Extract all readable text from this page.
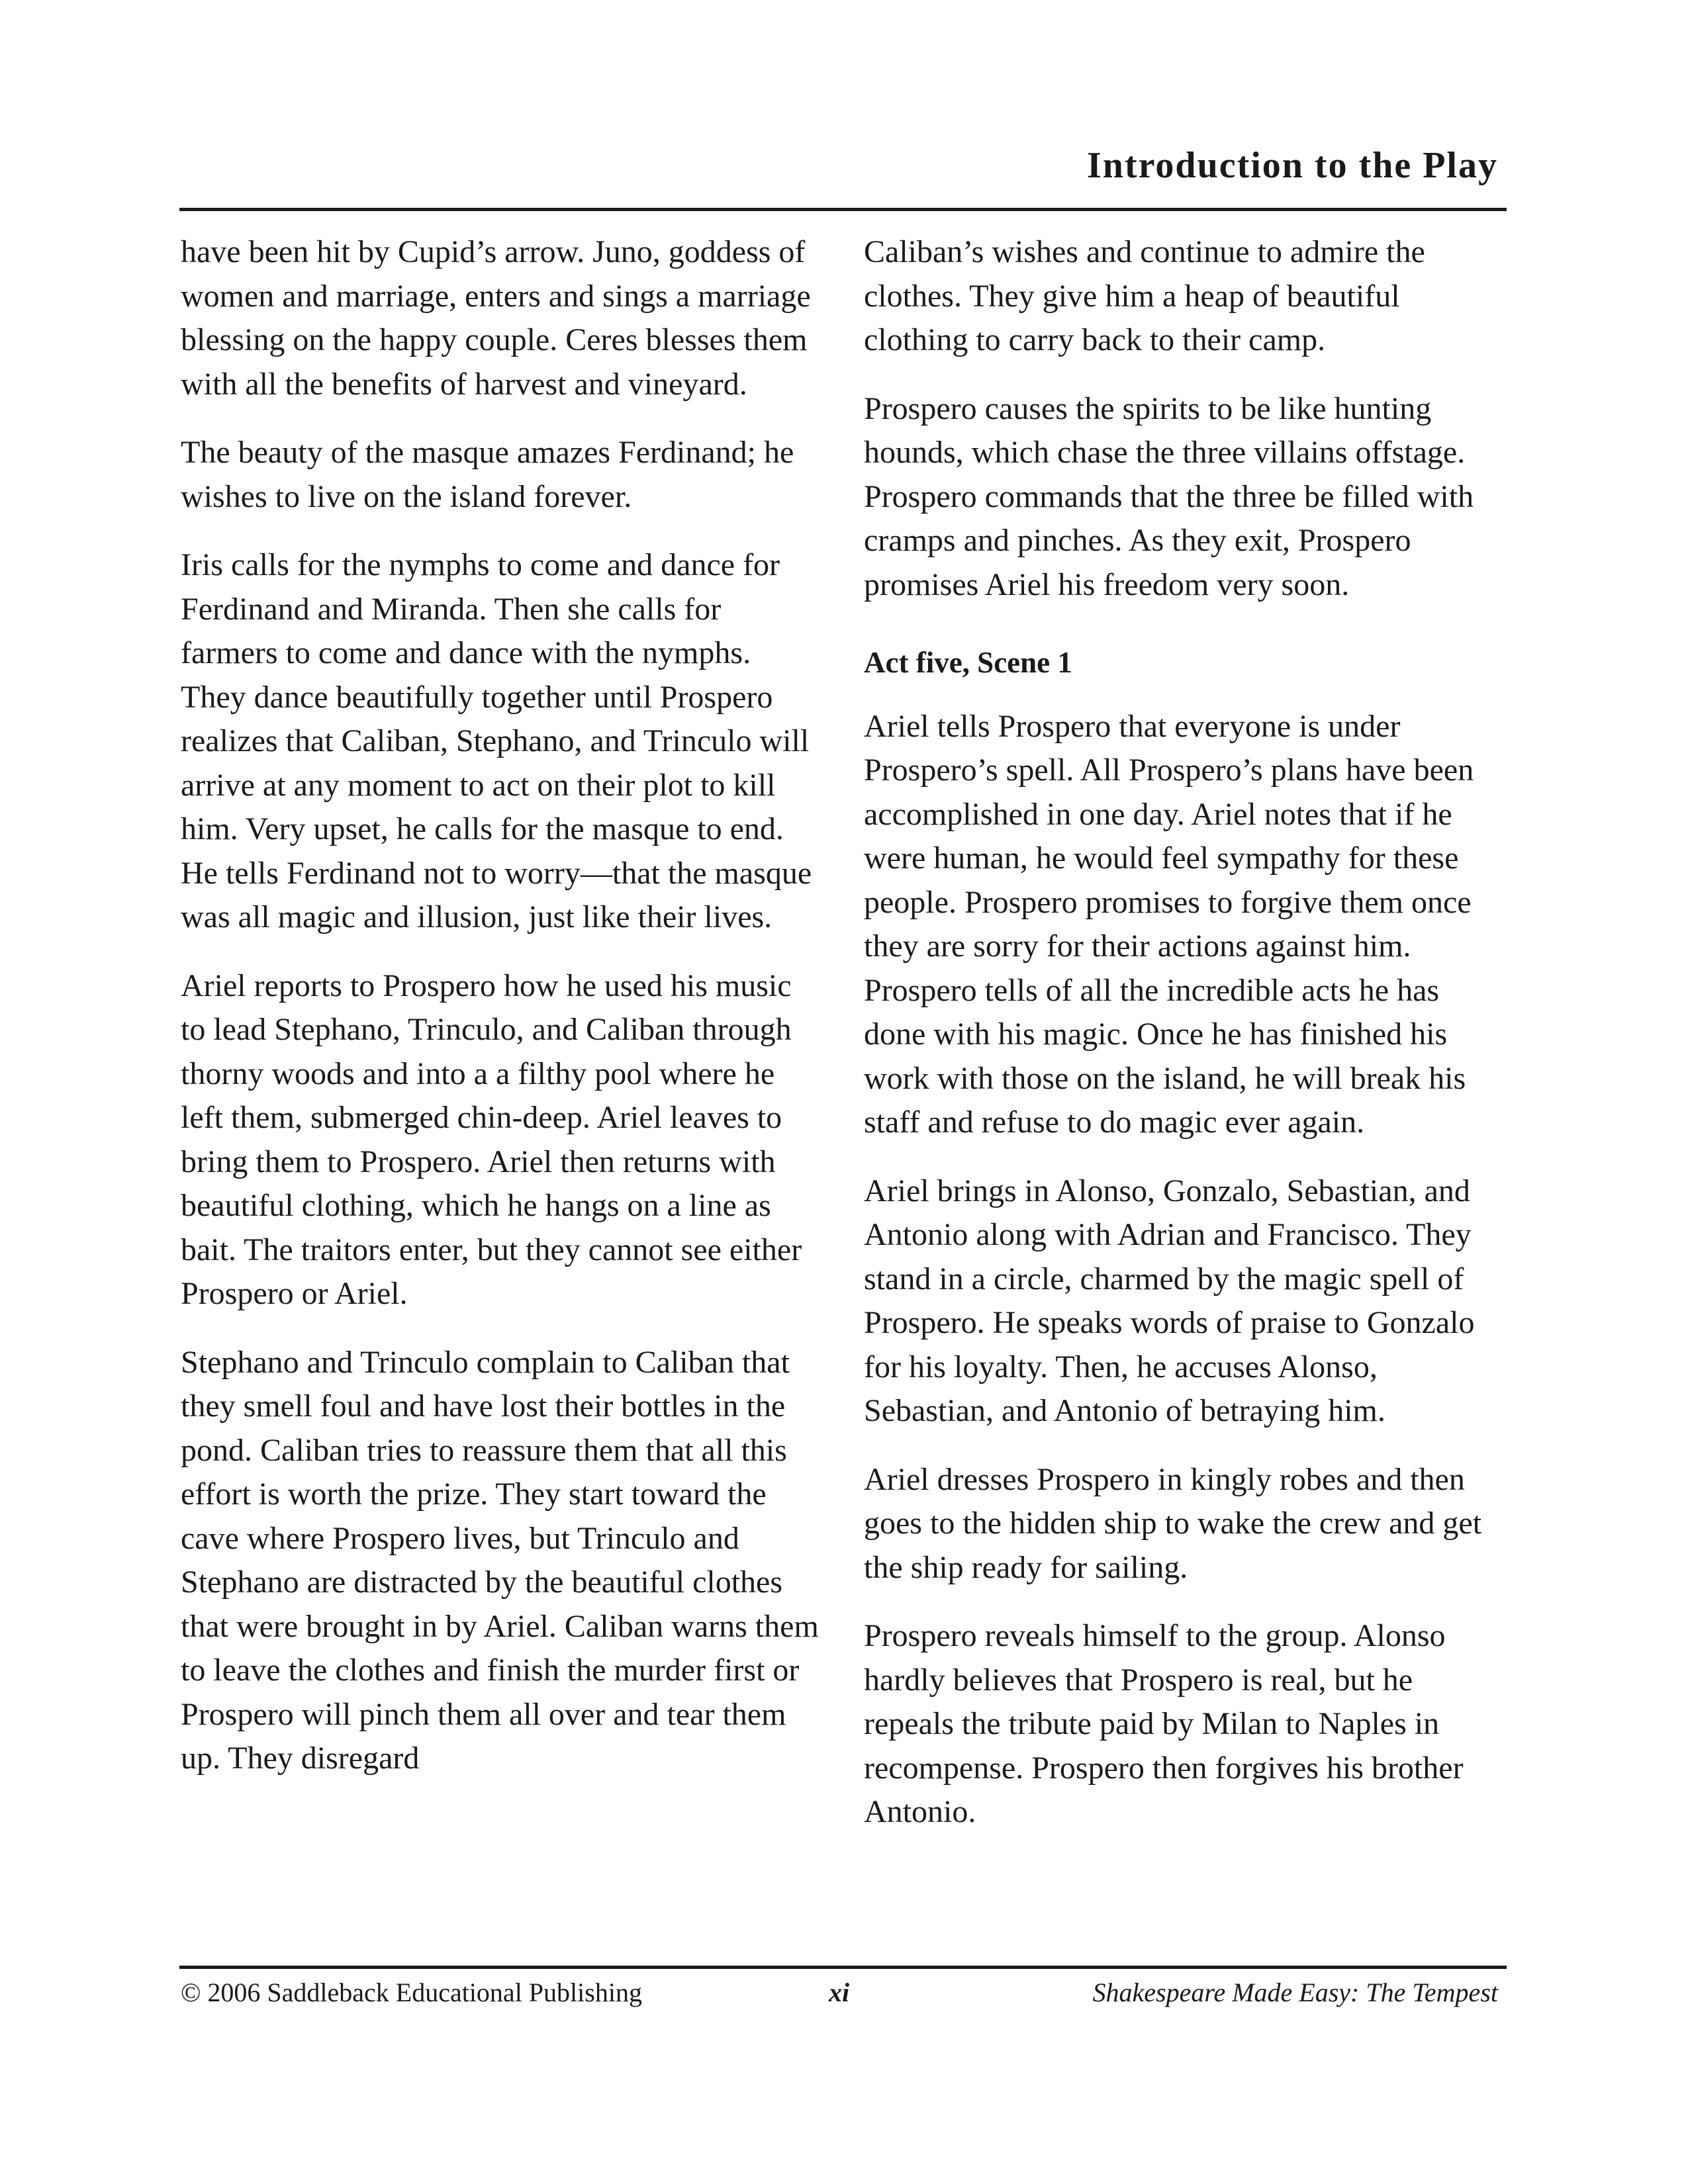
Introduction to the Play

have been hit by Cupid’s arrow. Juno, goddess of women and marriage, enters and sings a marriage blessing on the happy couple. Ceres blesses them with all the benefits of harvest and vineyard.

The beauty of the masque amazes Ferdinand; he wishes to live on the island forever.

Iris calls for the nymphs to come and dance for Ferdinand and Miranda. Then she calls for farmers to come and dance with the nymphs. They dance beautifully together until Prospero realizes that Caliban, Stephano, and Trinculo will arrive at any moment to act on their plot to kill him. Very upset, he calls for the masque to end. He tells Ferdinand not to worry—that the masque was all magic and illusion, just like their lives.

Ariel reports to Prospero how he used his music to lead Stephano, Trinculo, and Caliban through thorny woods and into a a filthy pool where he left them, submerged chin-deep. Ariel leaves to bring them to Prospero. Ariel then returns with beautiful clothing, which he hangs on a line as bait. The traitors enter, but they cannot see either Prospero or Ariel.

Stephano and Trinculo complain to Caliban that they smell foul and have lost their bottles in the pond. Caliban tries to reassure them that all this effort is worth the prize. They start toward the cave where Prospero lives, but Trinculo and Stephano are distracted by the beautiful clothes that were brought in by Ariel. Caliban warns them to leave the clothes and finish the murder first or Prospero will pinch them all over and tear them up. They disregard

Caliban’s wishes and continue to admire the clothes. They give him a heap of beautiful clothing to carry back to their camp.

Prospero causes the spirits to be like hunting hounds, which chase the three villains offstage. Prospero commands that the three be filled with cramps and pinches. As they exit, Prospero promises Ariel his freedom very soon.

Act five, Scene 1

Ariel tells Prospero that everyone is under Prospero’s spell. All Prospero’s plans have been accomplished in one day. Ariel notes that if he were human, he would feel sympathy for these people. Prospero promises to forgive them once they are sorry for their actions against him. Prospero tells of all the incredible acts he has done with his magic. Once he has finished his work with those on the island, he will break his staff and refuse to do magic ever again.

Ariel brings in Alonso, Gonzalo, Sebastian, and Antonio along with Adrian and Francisco. They stand in a circle, charmed by the magic spell of Prospero. He speaks words of praise to Gonzalo for his loyalty. Then, he accuses Alonso, Sebastian, and Antonio of betraying him.

Ariel dresses Prospero in kingly robes and then goes to the hidden ship to wake the crew and get the ship ready for sailing.

Prospero reveals himself to the group. Alonso hardly believes that Prospero is real, but he repeals the tribute paid by Milan to Naples in recompense. Prospero then forgives his brother Antonio.

© 2006 Saddleback Educational Publishing	xi	Shakespeare Made Easy: The Tempest
